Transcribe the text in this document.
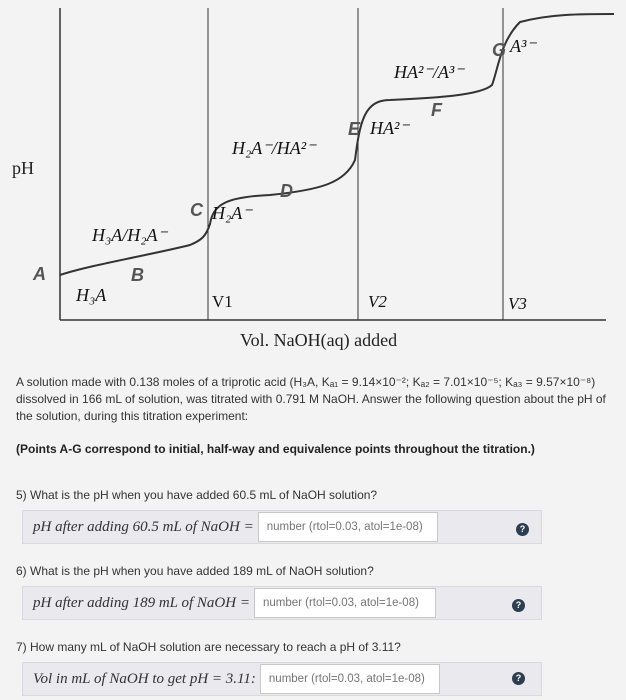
pH
Vol. NaOH(aq) added
V1	V2	V3
A	B
C
D
E
F
G
H₃A
H₃A/H₂A⁻
H₂A⁻
H₂A⁻/HA²⁻
HA²⁻
HA²⁻/A³⁻
A³⁻
A solution made with 0.138 moles of a triprotic acid (H₃A, Kₐ₁ = 9.14×10⁻²; Kₐ₂ = 7.01×10⁻⁵; Kₐ₃ = 9.57×10⁻⁸) dissolved in 166 mL of solution, was titrated with 0.791 M NaOH. Answer the following question about the pH of the solution, during this titration experiment:
(Points A-G correspond to initial, half-way and equivalence points throughout the titration.)
5) What is the pH when you have added 60.5 mL of NaOH solution?
pH after adding 60.5 mL of NaOH =
number (rtol=0.03, atol=1e-08)	?
6) What is the pH when you have added 189 mL of NaOH solution?
pH after adding 189 mL of NaOH =
number (rtol=0.03, atol=1e-08)	?
7) How many mL of NaOH solution are necessary to reach a pH of 3.11?
Vol in mL of NaOH to get pH = 3.11:
number (rtol=0.03, atol=1e-08)	?
